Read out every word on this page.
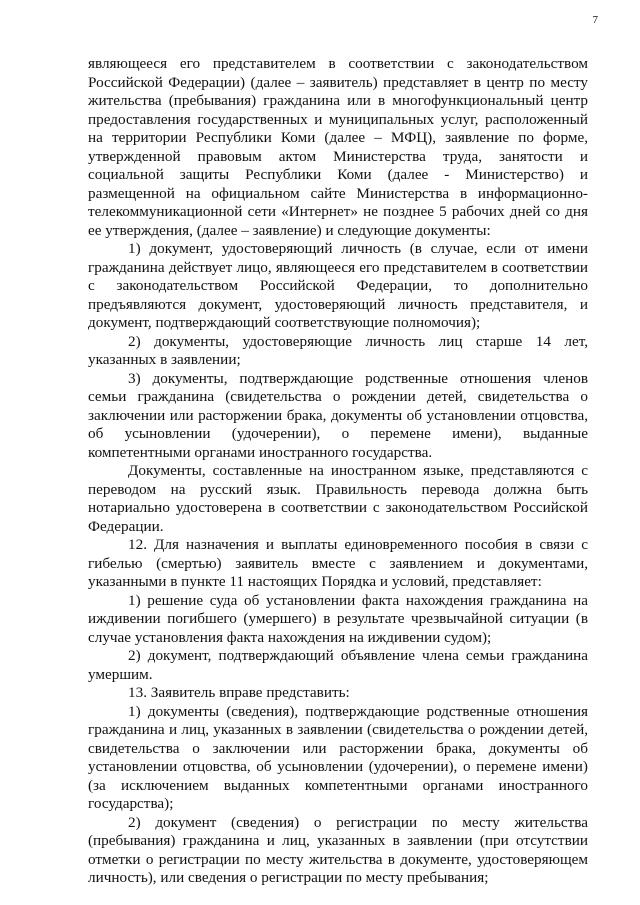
7

являющееся его представителем в соответствии с законодательством Российской Федерации) (далее – заявитель) представляет в центр по месту жительства (пребывания) гражданина или в многофункциональный центр предоставления государственных и муниципальных услуг, расположенный на территории Республики Коми (далее – МФЦ), заявление по форме, утвержденной правовым актом Министерства труда, занятости и социальной защиты Республики Коми (далее - Министерство) и размещенной на официальном сайте Министерства в информационно-телекоммуникационной сети «Интернет» не позднее 5 рабочих дней со дня ее утверждения, (далее – заявление) и следующие документы:

1) документ, удостоверяющий личность (в случае, если от имени гражданина действует лицо, являющееся его представителем в соответствии с законодательством Российской Федерации, то дополнительно предъявляются документ, удостоверяющий личность представителя, и документ, подтверждающий соответствующие полномочия);

2) документы, удостоверяющие личность лиц старше 14 лет, указанных в заявлении;

3) документы, подтверждающие родственные отношения членов семьи гражданина (свидетельства о рождении детей, свидетельства о заключении или расторжении брака, документы об установлении отцовства, об усыновлении (удочерении), о перемене имени), выданные компетентными органами иностранного государства.

Документы, составленные на иностранном языке, представляются с переводом на русский язык. Правильность перевода должна быть нотариально удостоверена в соответствии с законодательством Российской Федерации.

12. Для назначения и выплаты единовременного пособия в связи с гибелью (смертью) заявитель вместе с заявлением и документами, указанными в пункте 11 настоящих Порядка и условий, представляет:

1) решение суда об установлении факта нахождения гражданина на иждивении погибшего (умершего) в результате чрезвычайной ситуации (в случае установления факта нахождения на иждивении судом);

2) документ, подтверждающий объявление члена семьи гражданина умершим.

13. Заявитель вправе представить:

1) документы (сведения), подтверждающие родственные отношения гражданина и лиц, указанных в заявлении (свидетельства о рождении детей, свидетельства о заключении или расторжении брака, документы об установлении отцовства, об усыновлении (удочерении), о перемене имени) (за исключением выданных компетентными органами иностранного государства);

2) документ (сведения) о регистрации по месту жительства (пребывания) гражданина и лиц, указанных в заявлении (при отсутствии отметки о регистрации по месту жительства в документе, удостоверяющем личность), или сведения о регистрации по месту пребывания;
